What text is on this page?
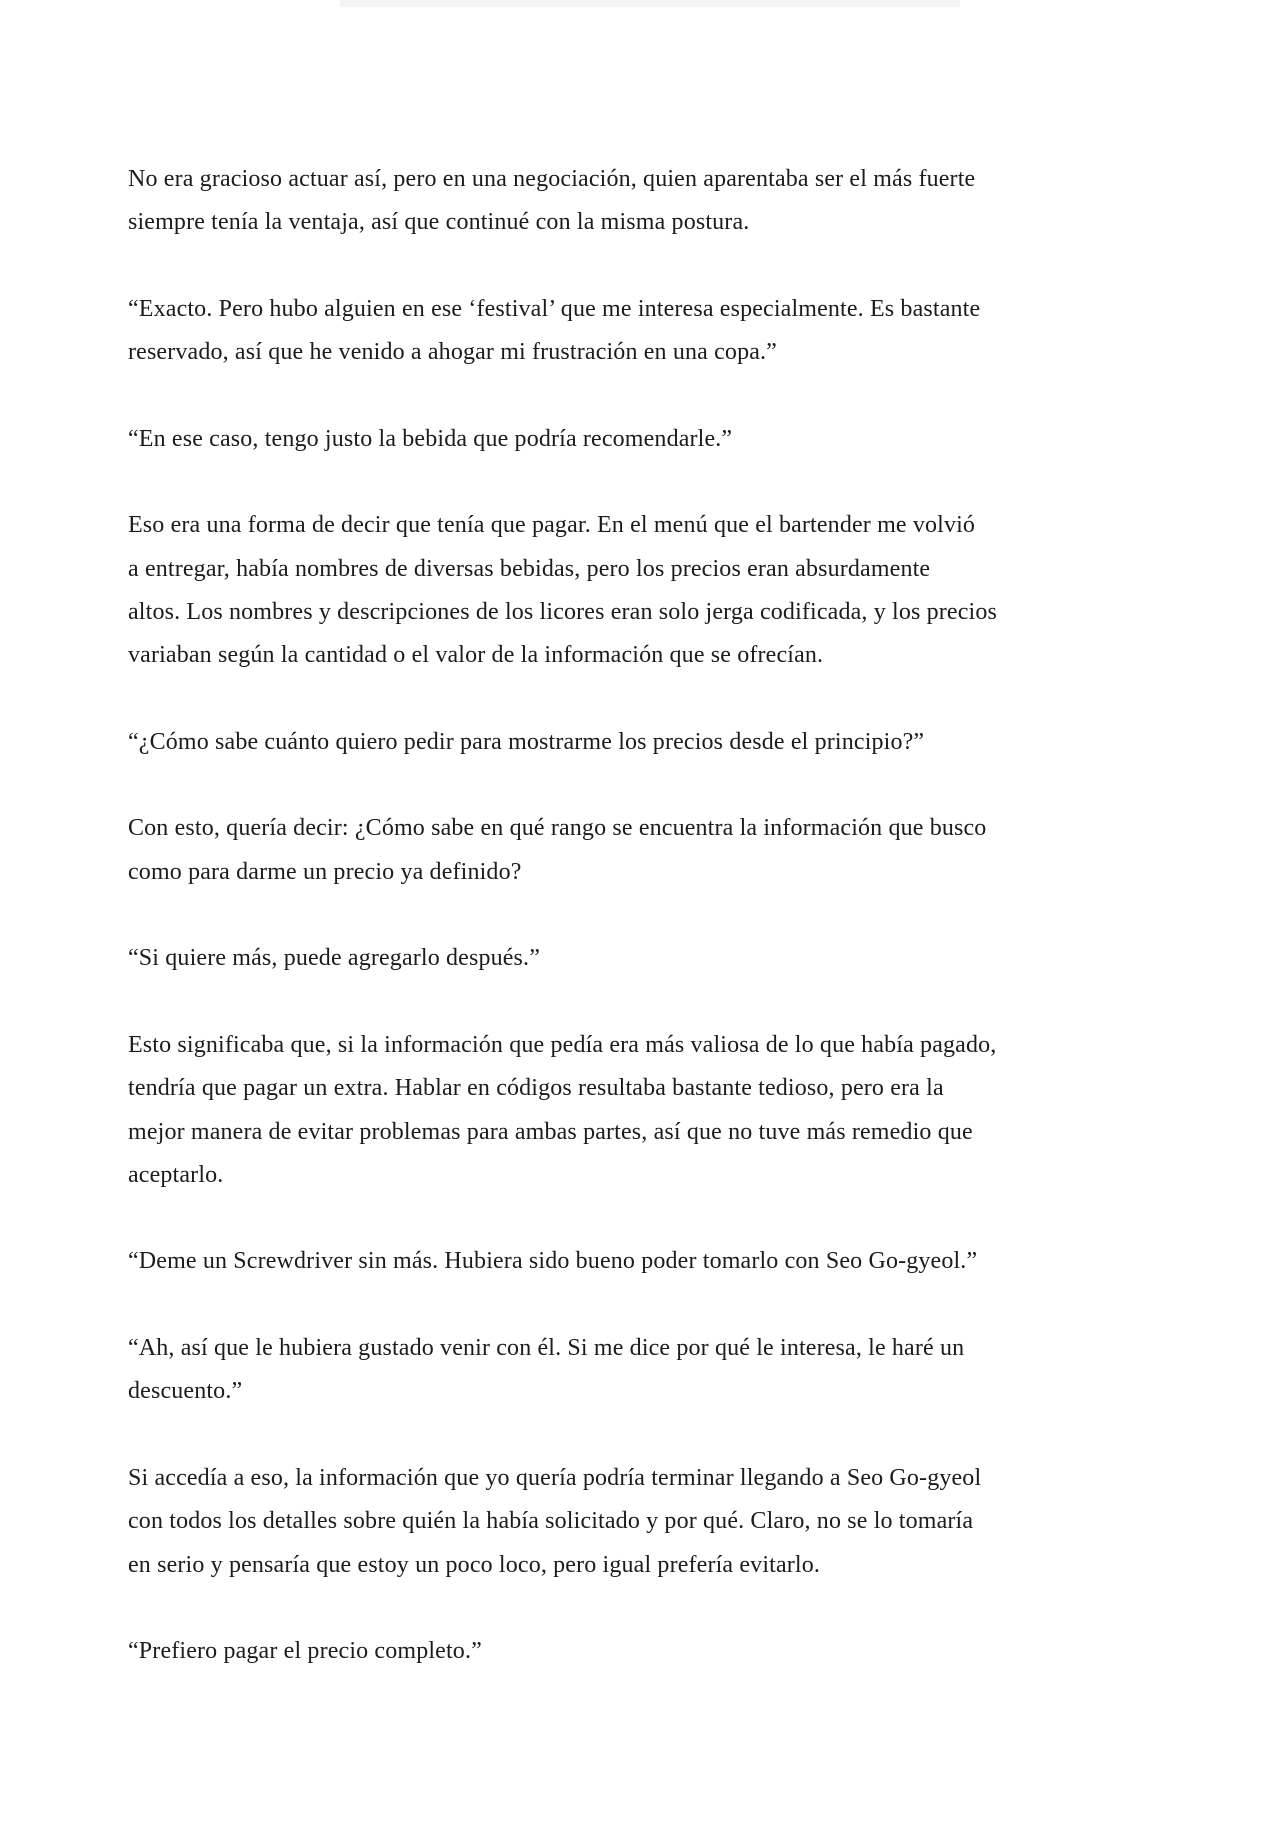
No era gracioso actuar así, pero en una negociación, quien aparentaba ser el más fuerte
siempre tenía la ventaja, así que continué con la misma postura.

“Exacto. Pero hubo alguien en ese ‘festival’ que me interesa especialmente. Es bastante
reservado, así que he venido a ahogar mi frustración en una copa.”

“En ese caso, tengo justo la bebida que podría recomendarle.”

Eso era una forma de decir que tenía que pagar. En el menú que el bartender me volvió
a entregar, había nombres de diversas bebidas, pero los precios eran absurdamente
altos. Los nombres y descripciones de los licores eran solo jerga codificada, y los precios
variaban según la cantidad o el valor de la información que se ofrecían.

“¿Cómo sabe cuánto quiero pedir para mostrarme los precios desde el principio?”

Con esto, quería decir: ¿Cómo sabe en qué rango se encuentra la información que busco
como para darme un precio ya definido?

“Si quiere más, puede agregarlo después.”

Esto significaba que, si la información que pedía era más valiosa de lo que había pagado,
tendría que pagar un extra. Hablar en códigos resultaba bastante tedioso, pero era la
mejor manera de evitar problemas para ambas partes, así que no tuve más remedio que
aceptarlo.

“Deme un Screwdriver sin más. Hubiera sido bueno poder tomarlo con Seo Go-gyeol.”

“Ah, así que le hubiera gustado venir con él. Si me dice por qué le interesa, le haré un
descuento.”

Si accedía a eso, la información que yo quería podría terminar llegando a Seo Go-gyeol
con todos los detalles sobre quién la había solicitado y por qué. Claro, no se lo tomaría
en serio y pensaría que estoy un poco loco, pero igual prefería evitarlo.

“Prefiero pagar el precio completo.”
